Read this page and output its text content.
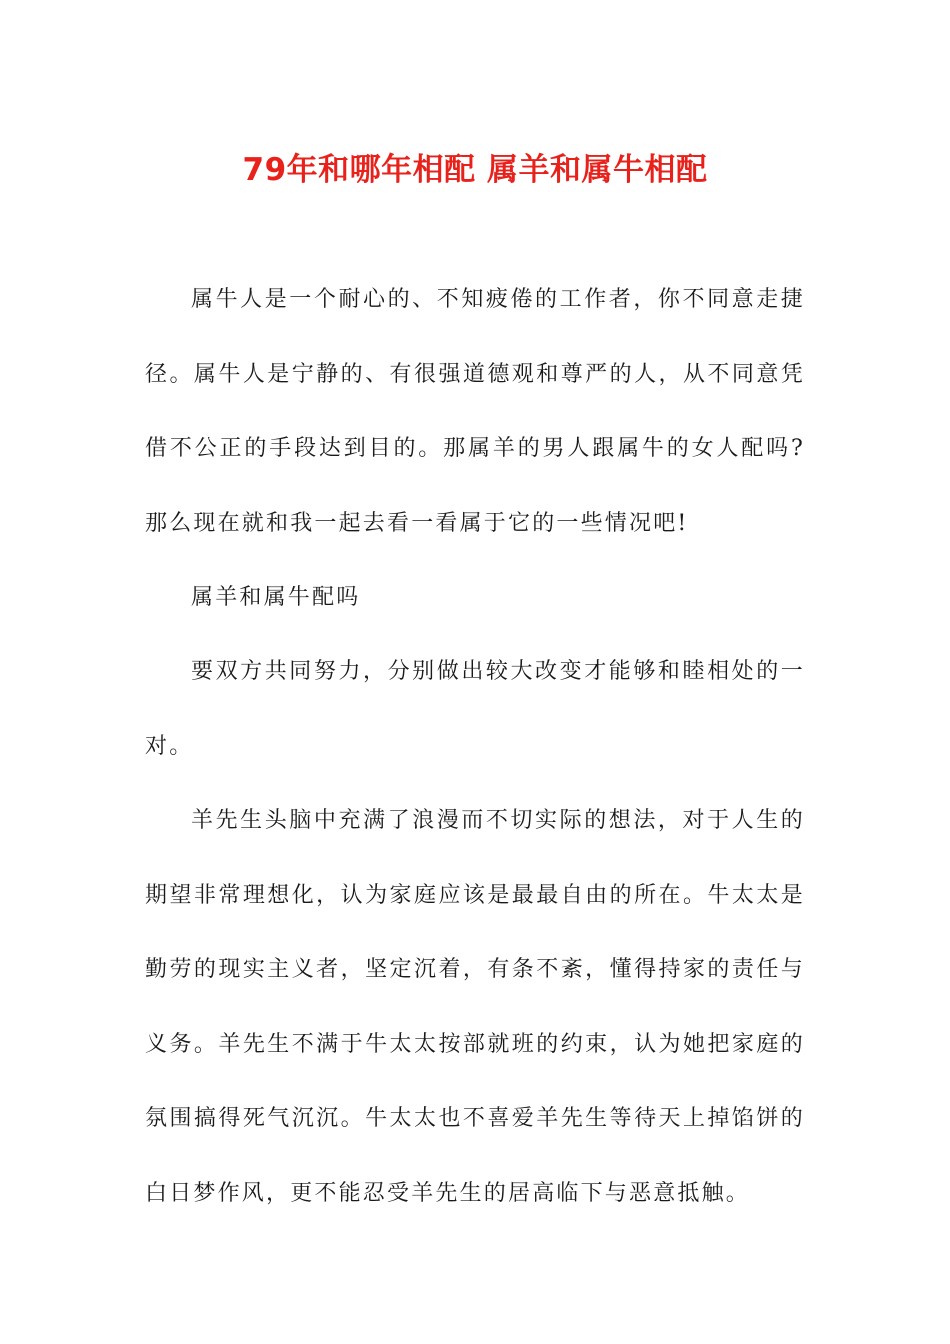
79年和哪年相配 属羊和属牛相配

属牛人是一个耐心的、不知疲倦的工作者，你不同意走捷径。属牛人是宁静的、有很强道德观和尊严的人，从不同意凭借不公正的手段达到目的。那属羊的男人跟属牛的女人配吗?那么现在就和我一起去看一看属于它的一些情况吧!

属羊和属牛配吗

要双方共同努力，分别做出较大改变才能够和睦相处的一对。

羊先生头脑中充满了浪漫而不切实际的想法，对于人生的期望非常理想化，认为家庭应该是最最自由的所在。牛太太是勤劳的现实主义者，坚定沉着，有条不紊，懂得持家的责任与义务。羊先生不满于牛太太按部就班的约束，认为她把家庭的氛围搞得死气沉沉。牛太太也不喜爱羊先生等待天上掉馅饼的白日梦作风，更不能忍受羊先生的居高临下与恶意抵触。
